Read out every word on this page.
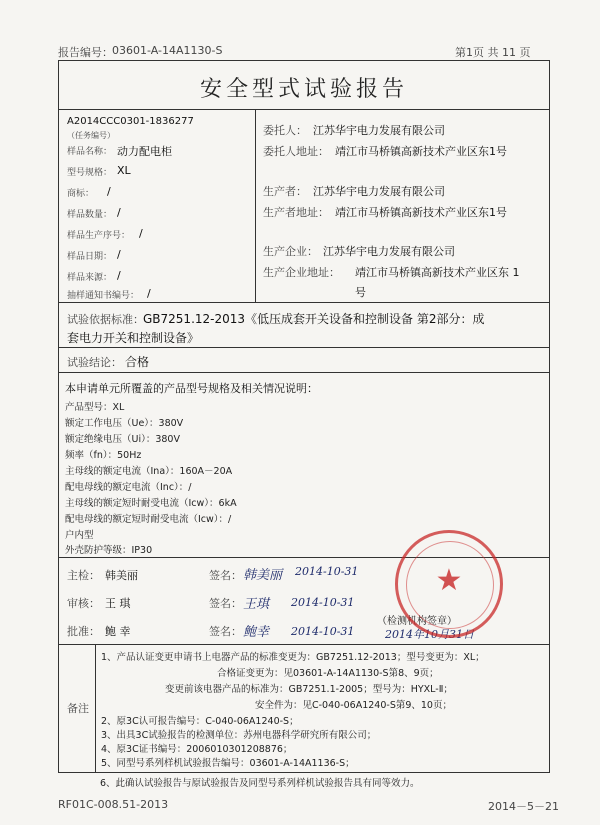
报告编号： 03601-A-14A1130-S	第1页 共 11 页
安全型式试验报告
A2014CCC0301-1836277
（任务编号）
样品名称： 动力配电柜
型号规格： XL
商标： /
样品数量： /
样品生产序号： /
样品日期： /
样品来源： /
抽样通知书编号： /
委托人： 江苏华宇电力发展有限公司
委托人地址： 靖江市马桥镇高新技术产业区东1号
生产者： 江苏华宇电力发展有限公司
生产者地址： 靖江市马桥镇高新技术产业区东1号
生产企业： 江苏华宇电力发展有限公司
生产企业地址： 靖江市马桥镇高新技术产业区东 1
号
试验依据标准： GB7251.12-2013《低压成套开关设备和控制设备 第2部分：成
套电力开关和控制设备》
试验结论： 合格
本申请单元所覆盖的产品型号规格及相关情况说明：
产品型号：XL
额定工作电压（Ue）：380V
额定绝缘电压（Ui）：380V
频率（fn）：50Hz
主母线的额定电流（Ina）：160A－20A
配电母线的额定电流（Inc）：/
主母线的额定短时耐受电流（Icw）：6kA
配电母线的额定短时耐受电流（Icw）：/
户内型
外壳防护等级：IP30
主检： 韩美丽	签名： 韩美丽 2014-10-31
审核： 王 琪	签名： 王琪 2014-10-31
批准： 鲍 幸	签名： 鲍幸 2014-10-31
（检测机构签章）
2014年10月31日
★
备注
1、产品认证变更申请书上电器产品的标准变更为：GB7251.12-2013；型号变更为：XL；
合格证变更为：见03601-A-14A1130-S第8、9页；
变更前该电器产品的标准为：GB7251.1-2005；型号为：HYXL-Ⅱ；
安全件为：见C-040-06A1240-S第9、10页；
2、原3C认可报告编号：C-040-06A1240-S；
3、出具3C试验报告的检测单位：苏州电器科学研究所有限公司；
4、原3C证书编号：2006010301208876；
5、同型号系列样机试验报告编号：03601-A-14A1136-S；
6、此确认试验报告与原试验报告及同型号系列样机试验报告具有同等效力。
RF01C-008.51-2013	2014－5－21
